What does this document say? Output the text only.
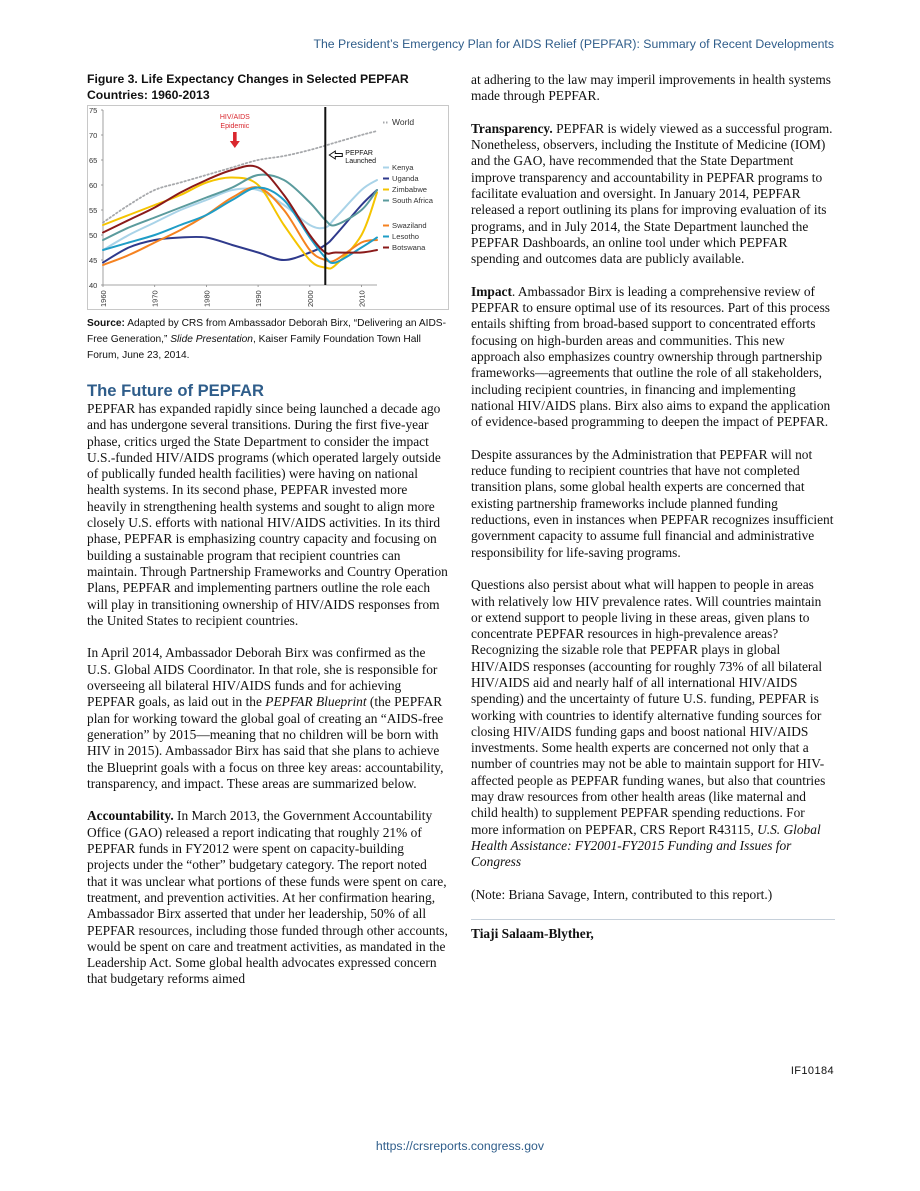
The President’s Emergency Plan for AIDS Relief (PEPFAR): Summary of Recent Developments
Figure 3. Life Expectancy Changes in Selected PEPFAR Countries: 1960-2013
40
45
50
55
60
65
70
75
1960	1970	1980	1990	2000	2010
PEPFAR
Launched
HIV/AIDS
Epidemic	World
Kenya
Uganda
Zimbabwe
South Africa
Swaziland
Lesotho
Botswana
Source: Adapted by CRS from Ambassador Deborah Birx, “Delivering an AIDS-Free Generation,” Slide Presentation, Kaiser Family Foundation Town Hall Forum, June 23, 2014.
The Future of PEPFAR

PEPFAR has expanded rapidly since being launched a decade ago and has undergone several transitions. During the first five-year phase, critics urged the State Department to consider the impact U.S.-funded HIV/AIDS programs (which operated largely outside of publically funded health facilities) were having on national health systems. In its second phase, PEPFAR invested more heavily in strengthening health systems and sought to align more closely U.S. efforts with national HIV/AIDS activities. In its third phase, PEPFAR is emphasizing country capacity and focusing on building a sustainable program that recipient countries can maintain. Through Partnership Frameworks and Country Operation Plans, PEPFAR and implementing partners outline the role each will play in transitioning ownership of HIV/AIDS responses from the United States to recipient countries.

In April 2014, Ambassador Deborah Birx was confirmed as the U.S. Global AIDS Coordinator. In that role, she is responsible for overseeing all bilateral HIV/AIDS funds and for achieving PEPFAR goals, as laid out in the PEPFAR Blueprint (the PEPFAR plan for working toward the global goal of creating an “AIDS-free generation” by 2015—meaning that no children will be born with HIV in 2015). Ambassador Birx has said that she plans to achieve the Blueprint goals with a focus on three key areas: accountability, transparency, and impact. These areas are summarized below.

Accountability. In March 2013, the Government Accountability Office (GAO) released a report indicating that roughly 21% of PEPFAR funds in FY2012 were spent on capacity-building projects under the “other” budgetary category. The report noted that it was unclear what portions of these funds were spent on care, treatment, and prevention activities. At her confirmation hearing, Ambassador Birx asserted that under her leadership, 50% of all PEPFAR resources, including those funded through other accounts, would be spent on care and treatment activities, as mandated in the Leadership Act. Some global health advocates expressed concern that budgetary reforms aimed

at adhering to the law may imperil improvements in health systems made through PEPFAR.

Transparency. PEPFAR is widely viewed as a successful program. Nonetheless, observers, including the Institute of Medicine (IOM) and the GAO, have recommended that the State Department improve transparency and accountability in PEPFAR programs to facilitate evaluation and oversight. In January 2014, PEPFAR released a report outlining its plans for improving evaluation of its programs, and in July 2014, the State Department launched the PEPFAR Dashboards, an online tool under which PEPFAR spending and outcomes data are publicly available.

Impact. Ambassador Birx is leading a comprehensive review of PEPFAR to ensure optimal use of its resources. Part of this process entails shifting from broad-based support to concentrated efforts focusing on high-burden areas and communities. This new approach also emphasizes country ownership through partnership frameworks—agreements that outline the role of all stakeholders, including recipient countries, in financing and implementing national HIV/AIDS plans. Birx also aims to expand the application of evidence-based programming to deepen the impact of PEPFAR.

Despite assurances by the Administration that PEPFAR will not reduce funding to recipient countries that have not completed transition plans, some global health experts are concerned that existing partnership frameworks include planned funding reductions, even in instances when PEPFAR recognizes insufficient government capacity to assume full financial and administrative responsibility for life-saving programs.

Questions also persist about what will happen to people in areas with relatively low HIV prevalence rates. Will countries maintain or extend support to people living in these areas, given plans to concentrate PEPFAR resources in high-prevalence areas? Recognizing the sizable role that PEPFAR plays in global HIV/AIDS responses (accounting for roughly 73% of all bilateral HIV/AIDS aid and nearly half of all international HIV/AIDS spending) and the uncertainty of future U.S. funding, PEPFAR is working with countries to identify alternative funding sources for closing HIV/AIDS funding gaps and boost national HIV/AIDS investments. Some health experts are concerned not only that a number of countries may not be able to maintain support for HIV-affected people as PEPFAR funding wanes, but also that countries may draw resources from other health areas (like maternal and child health) to supplement PEPFAR spending reductions. For more information on PEPFAR, CRS Report R43115, U.S. Global Health Assistance: FY2001-FY2015 Funding and Issues for Congress

(Note: Briana Savage, Intern, contributed to this report.)

Tiaji Salaam-Blyther,
IF10184
https://crsreports.congress.gov
